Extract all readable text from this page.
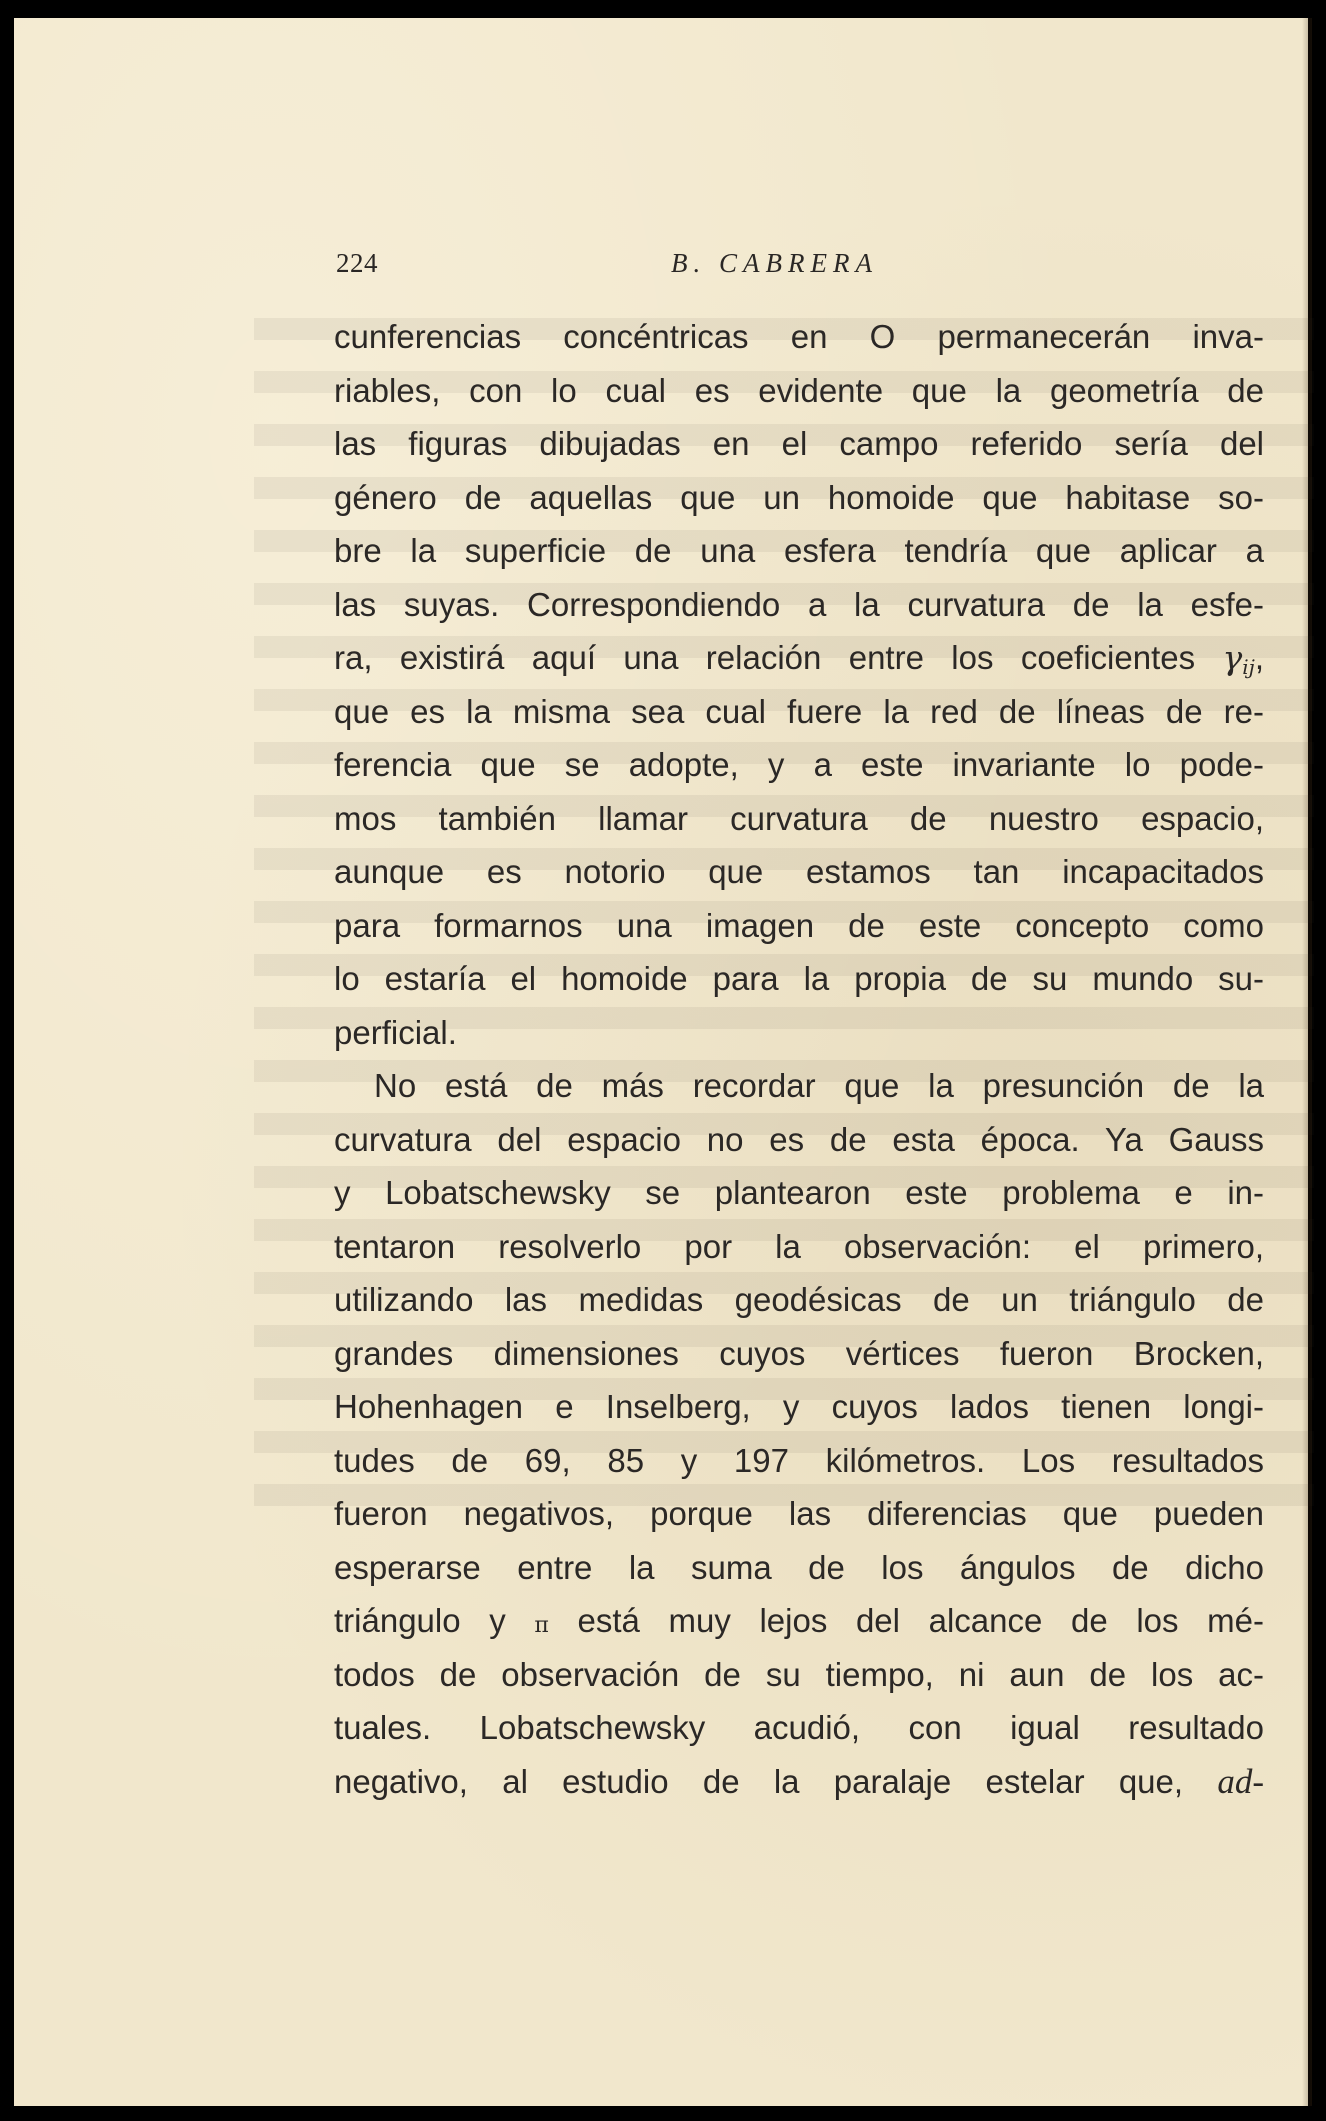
224	B. CABRERA
cunferencias concéntricas en O permanecerán inva-
riables, con lo cual es evidente que la geometría de
las figuras dibujadas en el campo referido sería del
género de aquellas que un homoide que habitase so-
bre la superficie de una esfera tendría que aplicar a
las suyas. Correspondiendo a la curvatura de la esfe-
ra, existirá aquí una relación entre los coeficientes $\gamma_{ij}$,
que es la misma sea cual fuere la red de líneas de re-
ferencia que se adopte, y a este invariante lo pode-
mos también llamar curvatura de nuestro espacio,
aunque es notorio que estamos tan incapacitados
para formarnos una imagen de este concepto como
lo estaría el homoide para la propia de su mundo su-
perficial.
No está de más recordar que la presunción de la
curvatura del espacio no es de esta época. Ya Gauss
y Lobatschewsky se plantearon este problema e in-
tentaron resolverlo por la observación: el primero,
utilizando las medidas geodésicas de un triángulo de
grandes dimensiones cuyos vértices fueron Brocken,
Hohenhagen e Inselberg, y cuyos lados tienen longi-
tudes de 69, 85 y 197 kilómetros. Los resultados
fueron negativos, porque las diferencias que pueden
esperarse entre la suma de los ángulos de dicho
triángulo y π está muy lejos del alcance de los mé-
todos de observación de su tiempo, ni aun de los ac-
tuales. Lobatschewsky acudió, con igual resultado
negativo, al estudio de la paralaje estelar que, ad-
